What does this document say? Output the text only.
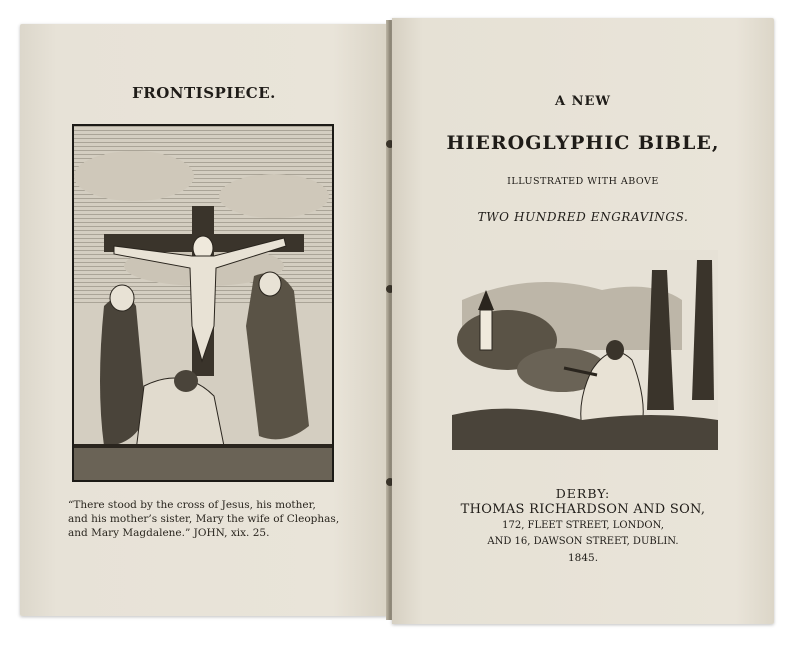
FRONTISPIECE.
“There stood by the cross of Jesus, his mother,
and his mother’s sister, Mary the wife of Cleophas,
and Mary Magdalene.” JOHN, xix. 25.
A NEW
HIEROGLYPHIC BIBLE,
ILLUSTRATED WITH ABOVE
TWO HUNDRED ENGRAVINGS.
DERBY:
THOMAS RICHARDSON AND SON,
172, FLEET STREET, LONDON,
AND 16, DAWSON STREET, DUBLIN.
1845.
